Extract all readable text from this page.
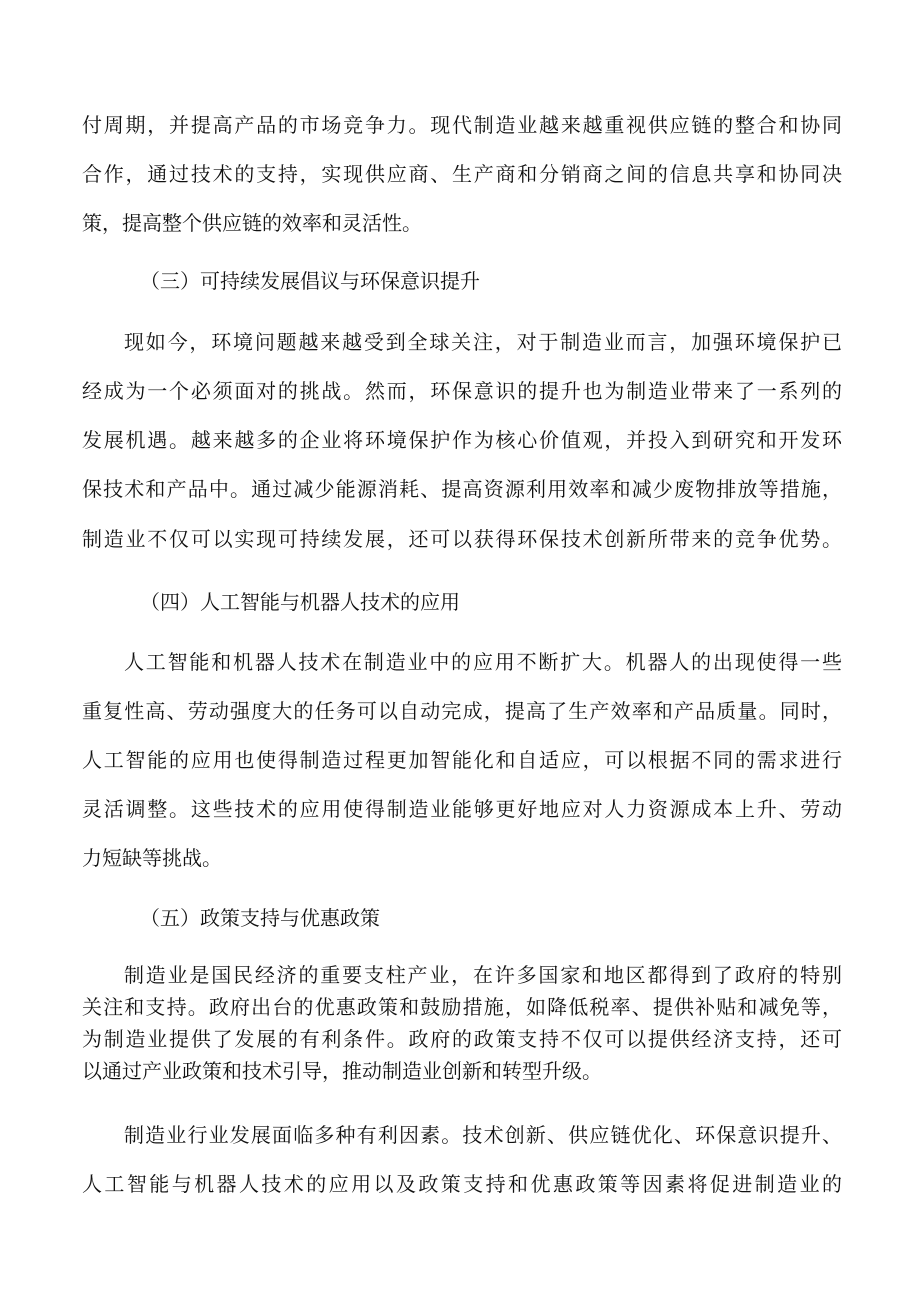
付周期，并提高产品的市场竞争力。现代制造业越来越重视供应链的整合和协同
合作，通过技术的支持，实现供应商、生产商和分销商之间的信息共享和协同决
策，提高整个供应链的效率和灵活性。
（三）可持续发展倡议与环保意识提升
现如今，环境问题越来越受到全球关注，对于制造业而言，加强环境保护已
经成为一个必须面对的挑战。然而，环保意识的提升也为制造业带来了一系列的
发展机遇。越来越多的企业将环境保护作为核心价值观，并投入到研究和开发环
保技术和产品中。通过减少能源消耗、提高资源利用效率和减少废物排放等措施，
制造业不仅可以实现可持续发展，还可以获得环保技术创新所带来的竞争优势。
（四）人工智能与机器人技术的应用
人工智能和机器人技术在制造业中的应用不断扩大。机器人的出现使得一些
重复性高、劳动强度大的任务可以自动完成，提高了生产效率和产品质量。同时，
人工智能的应用也使得制造过程更加智能化和自适应，可以根据不同的需求进行
灵活调整。这些技术的应用使得制造业能够更好地应对人力资源成本上升、劳动
力短缺等挑战。
（五）政策支持与优惠政策
制造业是国民经济的重要支柱产业，在许多国家和地区都得到了政府的特别
关注和支持。政府出台的优惠政策和鼓励措施，如降低税率、提供补贴和减免等，
为制造业提供了发展的有利条件。政府的政策支持不仅可以提供经济支持，还可
以通过产业政策和技术引导，推动制造业创新和转型升级。
制造业行业发展面临多种有利因素。技术创新、供应链优化、环保意识提升、
人工智能与机器人技术的应用以及政策支持和优惠政策等因素将促进制造业的
